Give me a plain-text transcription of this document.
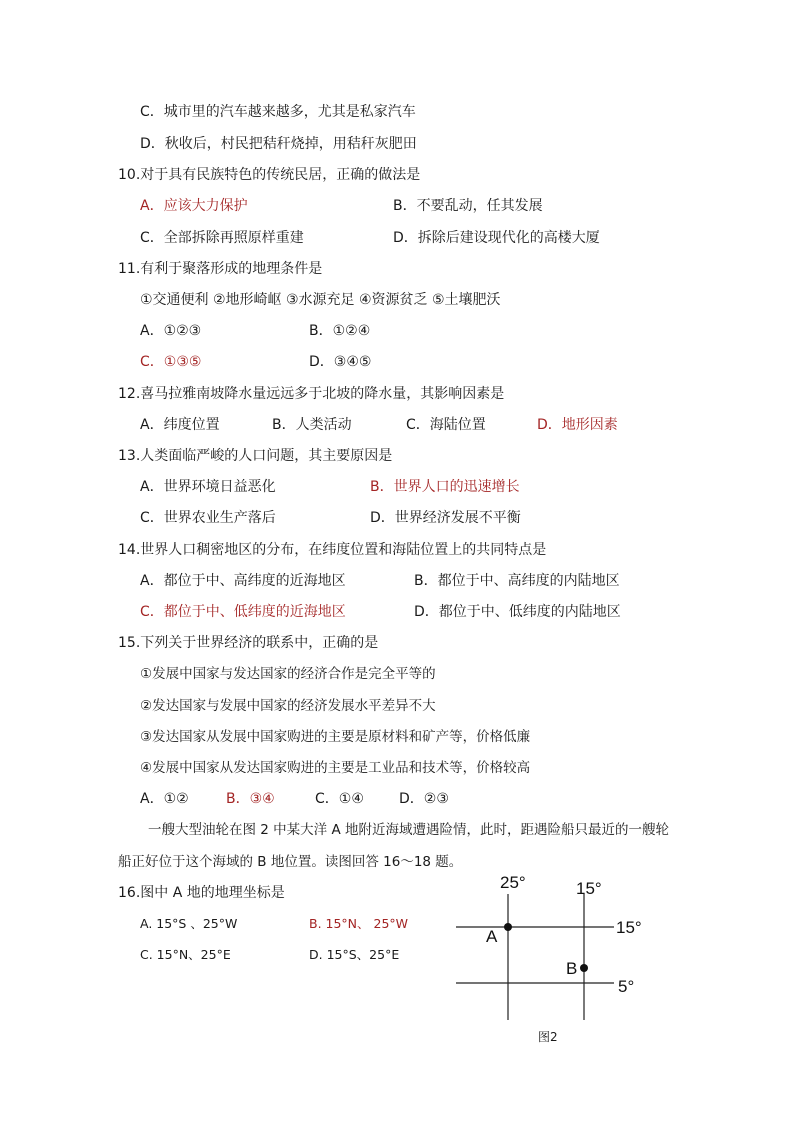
C．城市里的汽车越来越多，尤其是私家汽车
D．秋收后，村民把秸秆烧掉，用秸秆灰肥田
10.对于具有民族特色的传统民居，正确的做法是
A．应该大力保护	B．不要乱动，任其发展
C．全部拆除再照原样重建	D．拆除后建设现代化的高楼大厦
11.有利于聚落形成的地理条件是
①交通便利 ②地形崎岖 ③水源充足 ④资源贫乏 ⑤土壤肥沃
A．①②③	B．①②④
C．①③⑤	D．③④⑤
12.喜马拉雅南坡降水量远远多于北坡的降水量，其影响因素是
A．纬度位置	B．人类活动	C．海陆位置	D．地形因素
13.人类面临严峻的人口问题，其主要原因是
A．世界环境日益恶化	B．世界人口的迅速增长
C．世界农业生产落后	D．世界经济发展不平衡
14.世界人口稠密地区的分布，在纬度位置和海陆位置上的共同特点是
A．都位于中、高纬度的近海地区	B．都位于中、高纬度的内陆地区
C．都位于中、低纬度的近海地区	D．都位于中、低纬度的内陆地区
15.下列关于世界经济的联系中，正确的是
①发展中国家与发达国家的经济合作是完全平等的
②发达国家与发展中国家的经济发展水平差异不大
③发达国家从发展中国家购进的主要是原材料和矿产等，价格低廉
④发展中国家从发达国家购进的主要是工业品和技术等，价格较高
A．①②	B．③④	C．①④	D．②③
一艘大型油轮在图 2 中某大洋 A 地附近海域遭遇险情，此时，距遇险船只最近的一艘轮
船正好位于这个海域的 B 地位置。读图回答 16～18 题。
16.图中 A 地的地理坐标是
A. 15°S 、25°W	B. 15°N、 25°W
C. 15°N、25°E	D. 15°S、25°E
25°	15°
15°
5°
A
B
图2
